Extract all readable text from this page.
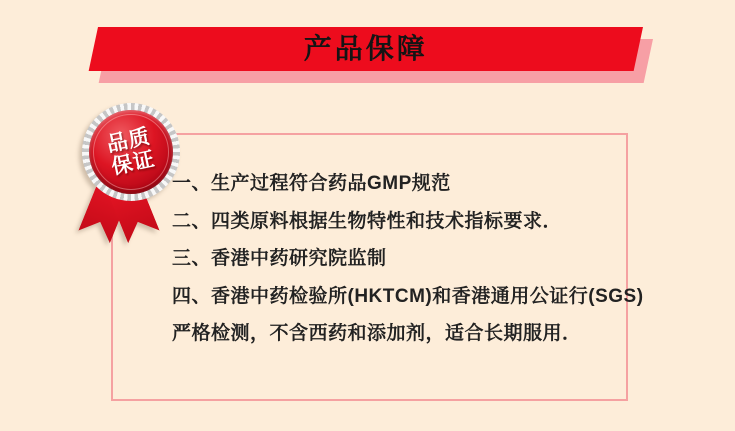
产品保障
一、生产过程符合药品GMP规范
二、四类原料根据生物特性和技术指标要求．
三、香港中药研究院监制
四、香港中药检验所(HKTCM)和香港通用公证行(SGS)
严格检测，不含西药和添加剂，适合长期服用．
品质
保证
